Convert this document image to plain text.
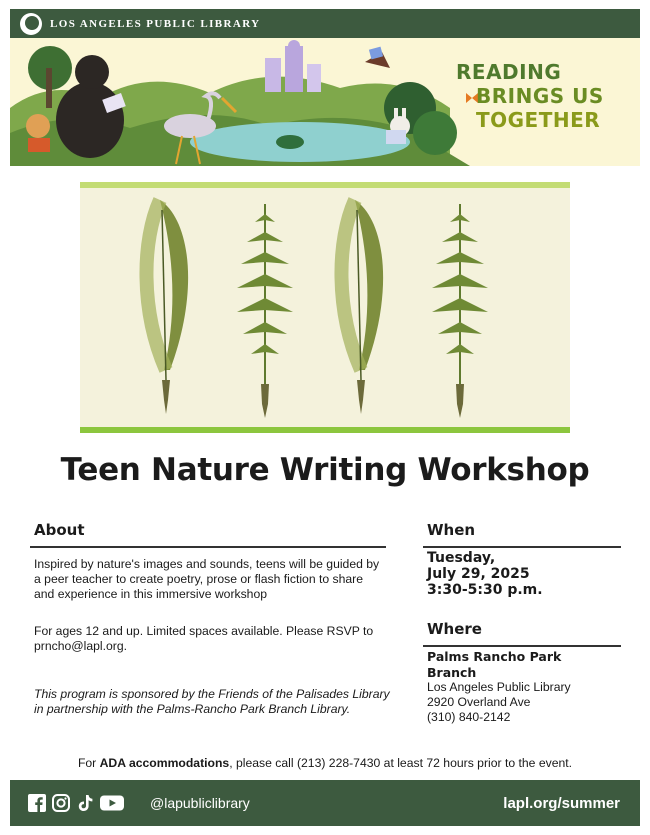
LOS ANGELES PUBLIC LIBRARY
READING
BRINGS US
TOGETHER
Teen Nature Writing Workshop
About
Inspired by nature's images and sounds, teens will be guided by a peer teacher to create poetry, prose or flash fiction to share and experience in this immersive workshop
For ages 12 and up. Limited spaces available. Please RSVP to prncho@lapl.org.
This program is sponsored by the Friends of the Palisades Library in partnership with the Palms-Rancho Park Branch Library.
When
Tuesday,
July 29, 2025
3:30-5:30 p.m.
Where
Palms Rancho Park
Branch
Los Angeles Public Library
2920 Overland Ave
(310) 840-2142
For ADA accommodations, please call (213) 228-7430 at least 72 hours prior to the event.
@lapubliclibrary	lapl.org/summer
